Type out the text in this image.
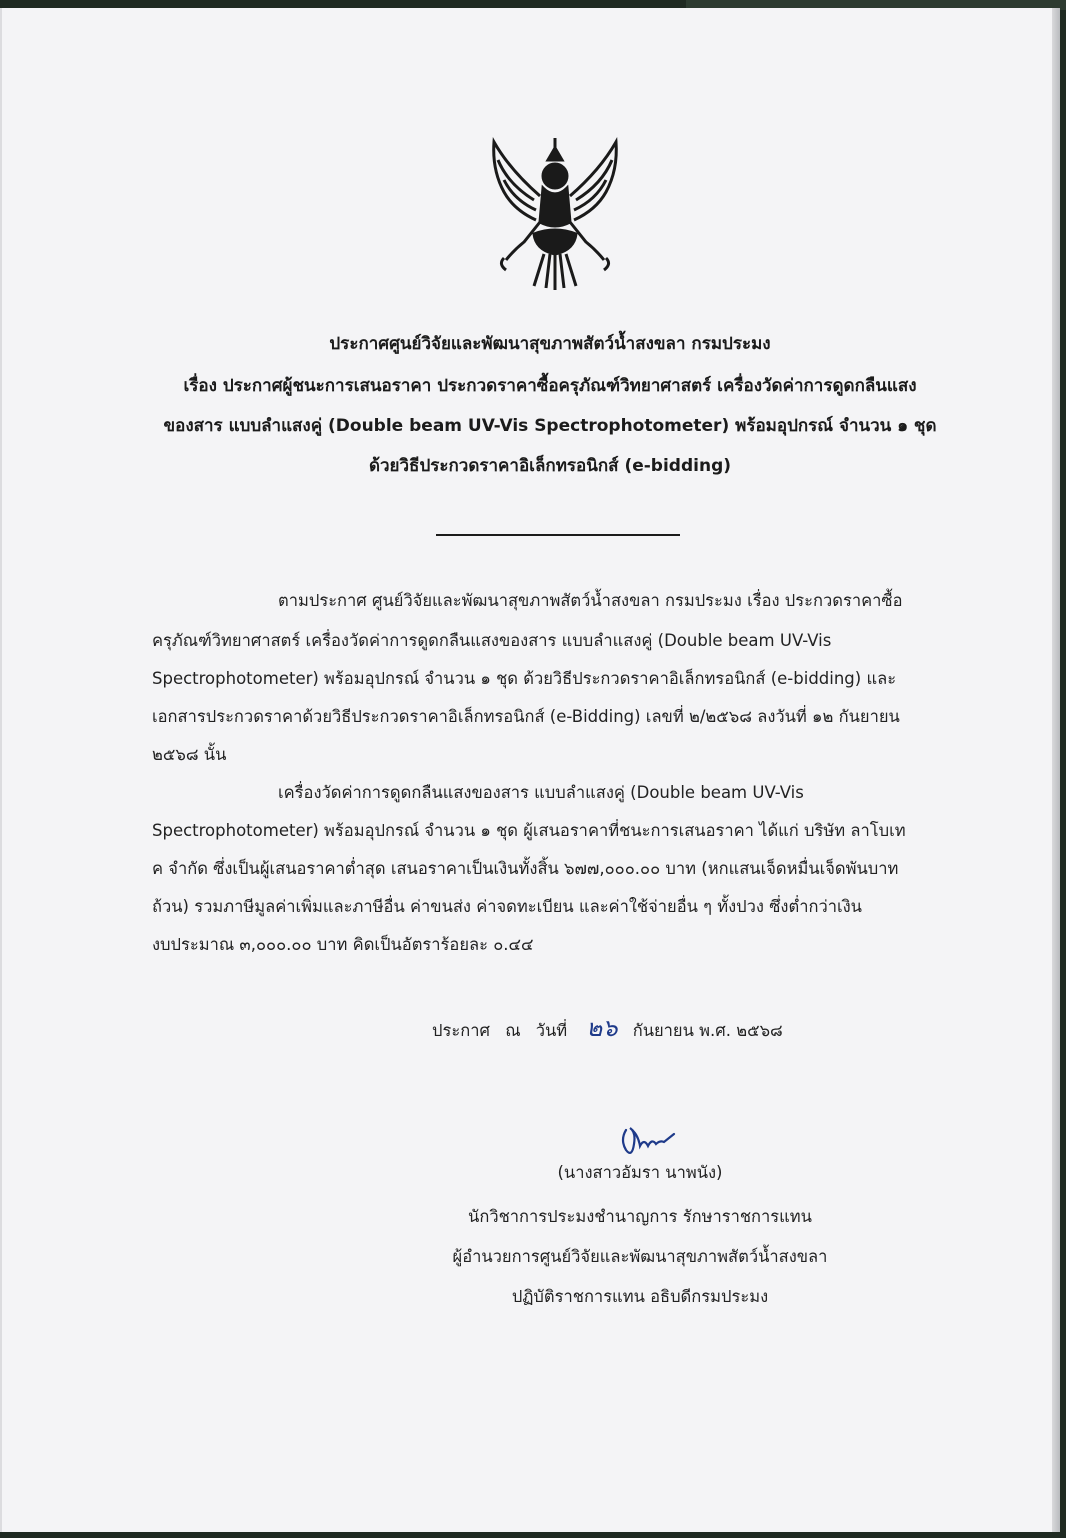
ประกาศศูนย์วิจัยและพัฒนาสุขภาพสัตว์น้ำสงขลา กรมประมง
เรื่อง ประกาศผู้ชนะการเสนอราคา ประกวดราคาซื้อครุภัณฑ์วิทยาศาสตร์ เครื่องวัดค่าการดูดกลืนแสง
ของสาร แบบลำแสงคู่ (Double beam UV-Vis Spectrophotometer) พร้อมอุปกรณ์ จำนวน ๑ ชุด
ด้วยวิธีประกวดราคาอิเล็กทรอนิกส์ (e-bidding)
ตามประกาศ ศูนย์วิจัยและพัฒนาสุขภาพสัตว์น้ำสงขลา กรมประมง เรื่อง ประกวดราคาซื้อ
ครุภัณฑ์วิทยาศาสตร์ เครื่องวัดค่าการดูดกลืนแสงของสาร แบบลำแสงคู่ (Double beam UV-Vis
Spectrophotometer) พร้อมอุปกรณ์ จำนวน ๑ ชุด ด้วยวิธีประกวดราคาอิเล็กทรอนิกส์ (e-bidding) และ
เอกสารประกวดราคาด้วยวิธีประกวดราคาอิเล็กทรอนิกส์ (e-Bidding) เลขที่ ๒/๒๕๖๘ ลงวันที่ ๑๒ กันยายน
๒๕๖๘ นั้น
เครื่องวัดค่าการดูดกลืนแสงของสาร แบบลำแสงคู่ (Double beam UV-Vis
Spectrophotometer) พร้อมอุปกรณ์ จำนวน ๑ ชุด ผู้เสนอราคาที่ชนะการเสนอราคา ได้แก่ บริษัท ลาโบเท
ค จำกัด ซึ่งเป็นผู้เสนอราคาต่ำสุด เสนอราคาเป็นเงินทั้งสิ้น ๖๗๗,๐๐๐.๐๐ บาท (หกแสนเจ็ดหมื่นเจ็ดพันบาท
ถ้วน) รวมภาษีมูลค่าเพิ่มและภาษีอื่น ค่าขนส่ง ค่าจดทะเบียน และค่าใช้จ่ายอื่น ๆ ทั้งปวง ซึ่งต่ำกว่าเงิน
งบประมาณ ๓,๐๐๐.๐๐ บาท คิดเป็นอัตราร้อยละ ๐.๔๔
ประกาศ ณ วันที่ ๒๖ กันยายน พ.ศ. ๒๕๖๘
(นางสาวอัมรา นาพนัง)
นักวิชาการประมงชำนาญการ รักษาราชการแทน
ผู้อำนวยการศูนย์วิจัยและพัฒนาสุขภาพสัตว์น้ำสงขลา
ปฏิบัติราชการแทน อธิบดีกรมประมง
